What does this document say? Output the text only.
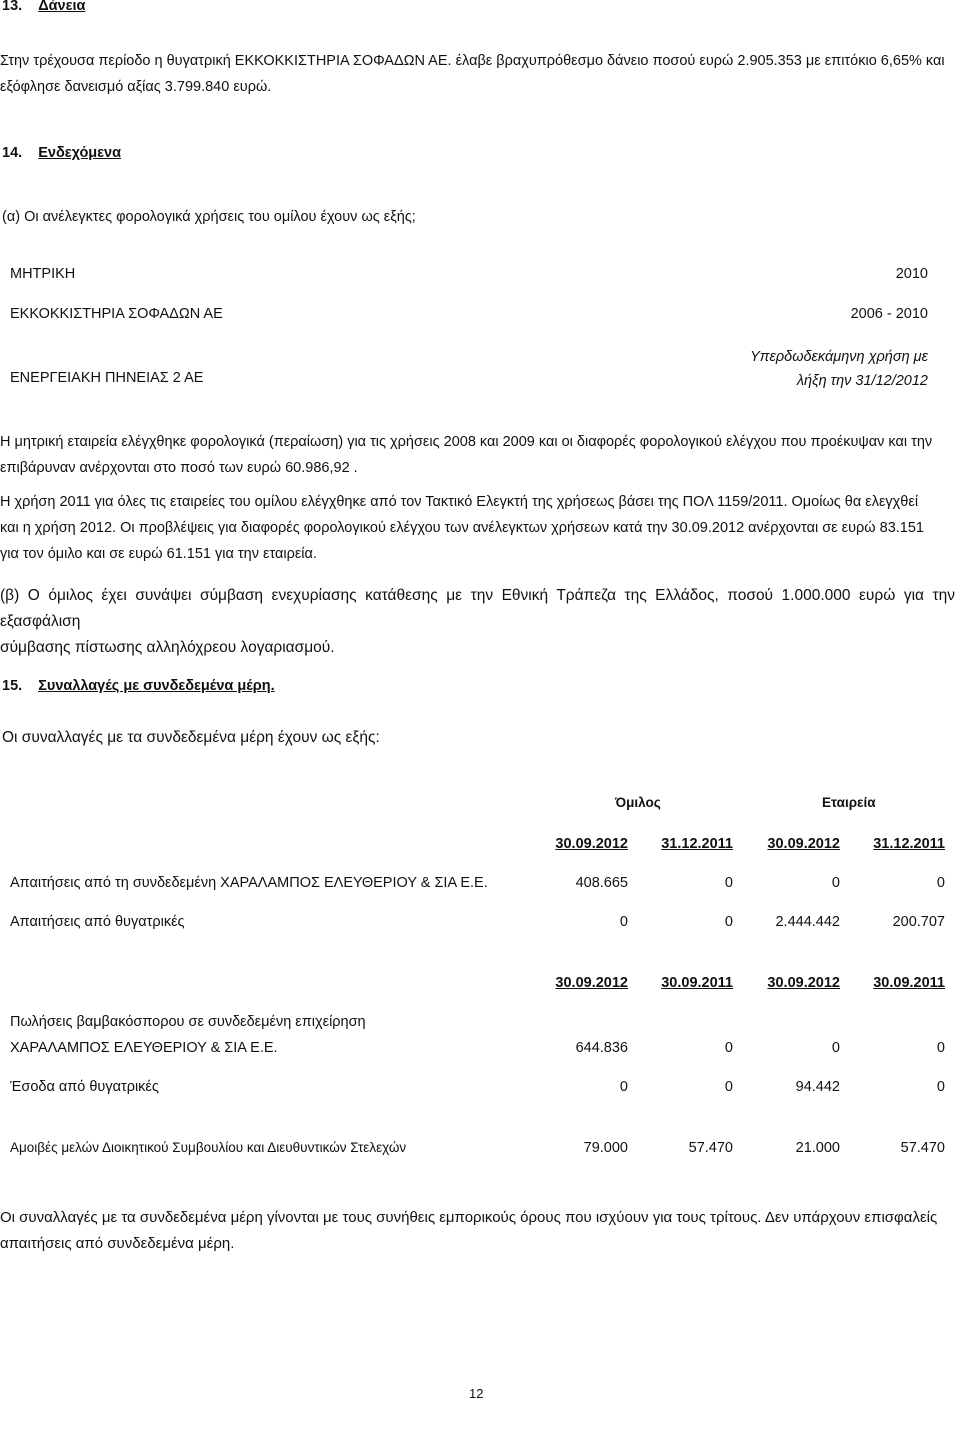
13. Δάνεια
Στην τρέχουσα περίοδο η θυγατρική ΕΚΚΟΚΚΙΣΤΗΡΙΑ ΣΟΦΑΔΩΝ ΑΕ. έλαβε βραχυπρόθεσμο δάνειο ποσού ευρώ 2.905.353 με επιτόκιο 6,65% και
εξόφλησε δανεισμό αξίας 3.799.840 ευρώ.
14. Ενδεχόμενα
(α) Οι ανέλεγκτες φορολογικά χρήσεις του ομίλου έχουν ως εξής;
ΜΗΤΡΙΚΗ	2010
ΕΚΚΟΚΚΙΣΤΗΡΙΑ ΣΟΦΑΔΩΝ ΑΕ	2006 - 2010
ΕΝΕΡΓΕΙΑΚΗ ΠΗΝΕΙΑΣ 2 ΑΕ
Υπερδωδεκάμηνη χρήση με
λήξη την 31/12/2012
Η μητρική εταιρεία ελέγχθηκε φορολογικά (περαίωση) για τις χρήσεις 2008 και 2009 και οι διαφορές φορολογικού ελέγχου που προέκυψαν και την
επιβάρυναν ανέρχονται στο ποσό των ευρώ 60.986,92 .
Η χρήση 2011 για όλες τις εταιρείες του ομίλου ελέγχθηκε από τον Τακτικό Ελεγκτή της χρήσεως βάσει της ΠΟΛ 1159/2011. Ομοίως θα ελεγχθεί
και η χρήση 2012. Οι προβλέψεις για διαφορές φορολογικού ελέγχου των ανέλεγκτων χρήσεων κατά την 30.09.2012 ανέρχονται σε ευρώ 83.151
για τον όμιλο και σε ευρώ 61.151 για την εταιρεία.
(β) Ο όμιλος έχει συνάψει σύμβαση ενεχυρίασης κατάθεσης με την Εθνική Τράπεζα της Ελλάδος, ποσού 1.000.000 ευρώ για την εξασφάλιση
σύμβασης πίστωσης αλληλόχρεου λογαριασμού.
15. Συναλλαγές με συνδεδεμένα μέρη.
Οι συναλλαγές με τα συνδεδεμένα μέρη έχουν ως εξής:
Όμιλος	Εταιρεία
30.09.2012	31.12.2011	30.09.2012	31.12.2011
Απαιτήσεις από τη συνδεδεμένη ΧΑΡΑΛΑΜΠΟΣ ΕΛΕΥΘΕΡΙΟΥ & ΣΙΑ Ε.Ε.	408.665	0	0	0
Απαιτήσεις από θυγατρικές	0	0	2.444.442	200.707
30.09.2012	30.09.2011	30.09.2012	30.09.2011
Πωλήσεις βαμβακόσπορου σε συνδεδεμένη επιχείρηση
ΧΑΡΑΛΑΜΠΟΣ ΕΛΕΥΘΕΡΙΟΥ & ΣΙΑ Ε.Ε.	644.836	0	0	0
Έσοδα από θυγατρικές	0	0	94.442	0
Αμοιβές μελών Διοικητικού Συμβουλίου και Διευθυντικών Στελεχών	79.000	57.470	21.000	57.470
Οι συναλλαγές με τα συνδεδεμένα μέρη γίνονται με τους συνήθεις εμπορικούς όρους που ισχύουν για τους τρίτους. Δεν υπάρχουν επισφαλείς
απαιτήσεις από συνδεδεμένα μέρη.
12
